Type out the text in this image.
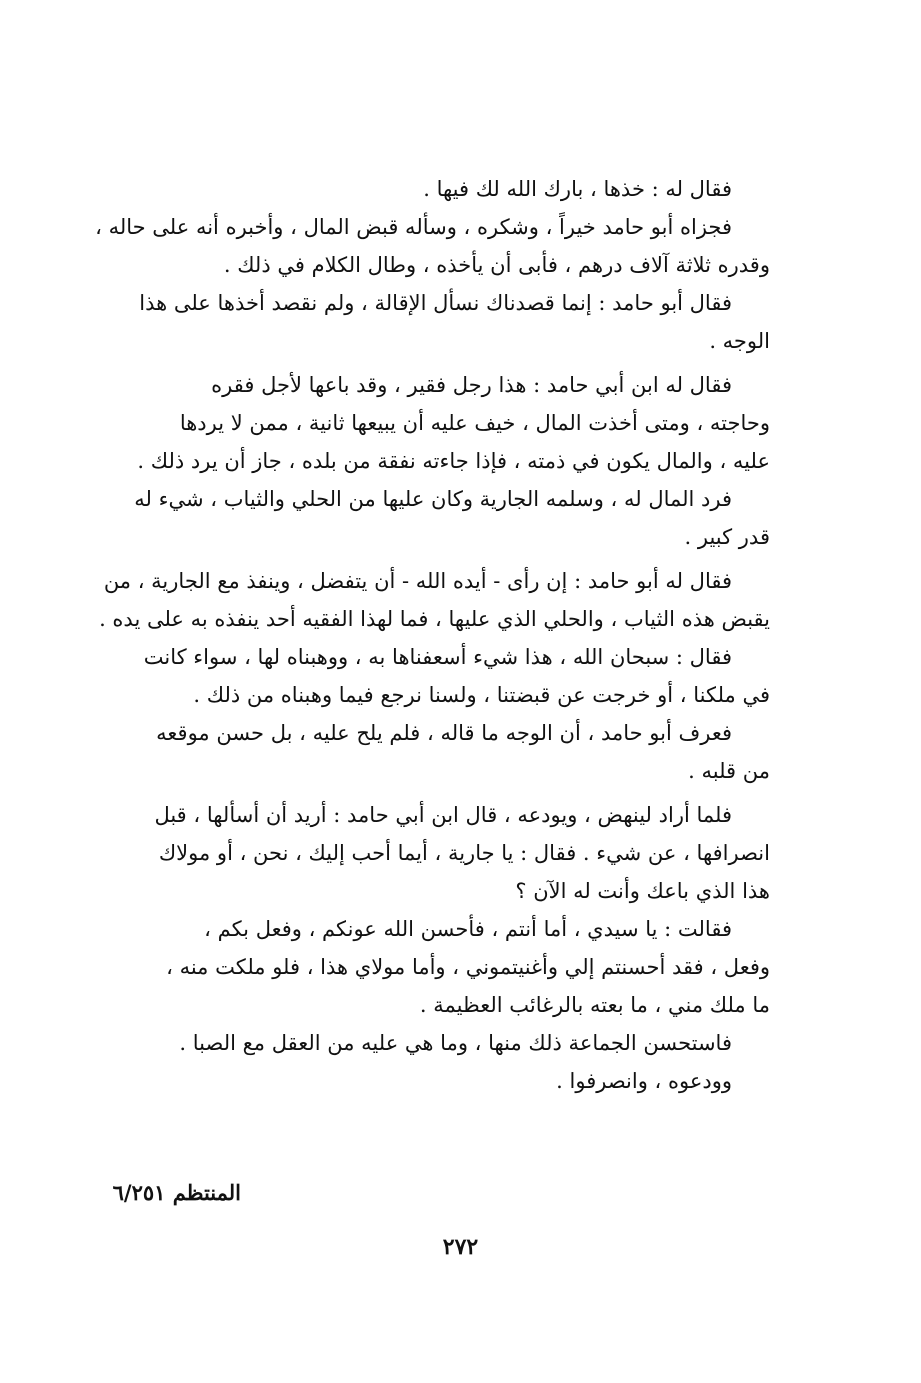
فقال له : خذها ، بارك الله لك فيها .
فجزاه أبو حامد خيراً ، وشكره ، وسأله قبض المال ، وأخبره أنه على حاله ،
وقدره ثلاثة آلاف درهم ، فأبى أن يأخذه ، وطال الكلام في ذلك .
فقال أبو حامد : إنما قصدناك نسأل الإقالة ، ولم نقصد أخذها على هذا
الوجه .
فقال له ابن أبي حامد : هذا رجل فقير ، وقد باعها لأجل فقره
وحاجته ، ومتى أخذت المال ، خيف عليه أن يبيعها ثانية ، ممن لا يردها
عليه ، والمال يكون في ذمته ، فإذا جاءته نفقة من بلده ، جاز أن يرد ذلك .
فرد المال له ، وسلمه الجارية وكان عليها من الحلي والثياب ، شيء له
قدر كبير .
فقال له أبو حامد : إن رأى - أيده الله - أن يتفضل ، وينفذ مع الجارية ، من
يقبض هذه الثياب ، والحلي الذي عليها ، فما لهذا الفقيه أحد ينفذه به على يده .
فقال : سبحان الله ، هذا شيء أسعفناها به ، ووهبناه لها ، سواء كانت
في ملكنا ، أو خرجت عن قبضتنا ، ولسنا نرجع فيما وهبناه من ذلك .
فعرف أبو حامد ، أن الوجه ما قاله ، فلم يلح عليه ، بل حسن موقعه
من قلبه .
فلما أراد لينهض ، ويودعه ، قال ابن أبي حامد : أريد أن أسألها ، قبل
انصرافها ، عن شيء . فقال : يا جارية ، أيما أحب إليك ، نحن ، أو مولاك
هذا الذي باعك وأنت له الآن ؟
فقالت : يا سيدي ، أما أنتم ، فأحسن الله عونكم ، وفعل بكم ،
وفعل ، فقد أحسنتم إلي وأغنيتموني ، وأما مولاي هذا ، فلو ملكت منه ،
ما ملك مني ، ما بعته بالرغائب العظيمة .
فاستحسن الجماعة ذلك منها ، وما هي عليه من العقل مع الصبا .
وودعوه ، وانصرفوا .
المنتظم ٦/٢٥١
٢٧٢
